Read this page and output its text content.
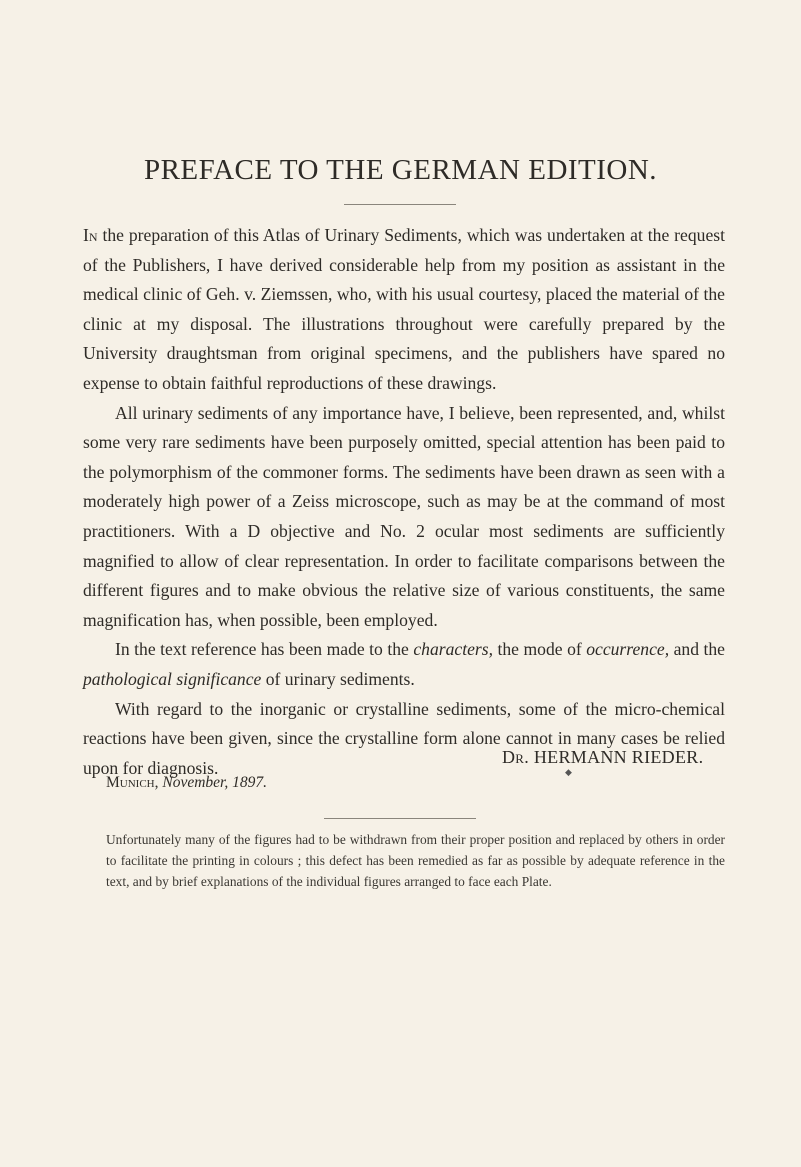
PREFACE TO THE GERMAN EDITION.

In the preparation of this Atlas of Urinary Sediments, which was undertaken at the request of the Publishers, I have derived considerable help from my position as assistant in the medical clinic of Geh. v. Ziemssen, who, with his usual courtesy, placed the material of the clinic at my disposal. The illustrations throughout were carefully prepared by the University draughtsman from original specimens, and the publishers have spared no expense to obtain faithful reproductions of these drawings.

All urinary sediments of any importance have, I believe, been represented, and, whilst some very rare sediments have been purposely omitted, special attention has been paid to the polymorphism of the commoner forms. The sediments have been drawn as seen with a moderately high power of a Zeiss microscope, such as may be at the command of most practitioners. With a D objective and No. 2 ocular most sediments are sufficiently magnified to allow of clear representation. In order to facilitate comparisons between the different figures and to make obvious the relative size of various constituents, the same magnification has, when possible, been employed.

In the text reference has been made to the characters, the mode of occurrence, and the pathological significance of urinary sediments.

With regard to the inorganic or crystalline sediments, some of the micro-chemical reactions have been given, since the crystalline form alone cannot in many cases be relied upon for diagnosis.

Dr. HERMANN RIEDER.
◆
Munich, November, 1897.

Unfortunately many of the figures had to be withdrawn from their proper position and replaced by others in order to facilitate the printing in colours ; this defect has been remedied as far as possible by adequate reference in the text, and by brief explanations of the individual figures arranged to face each Plate.
